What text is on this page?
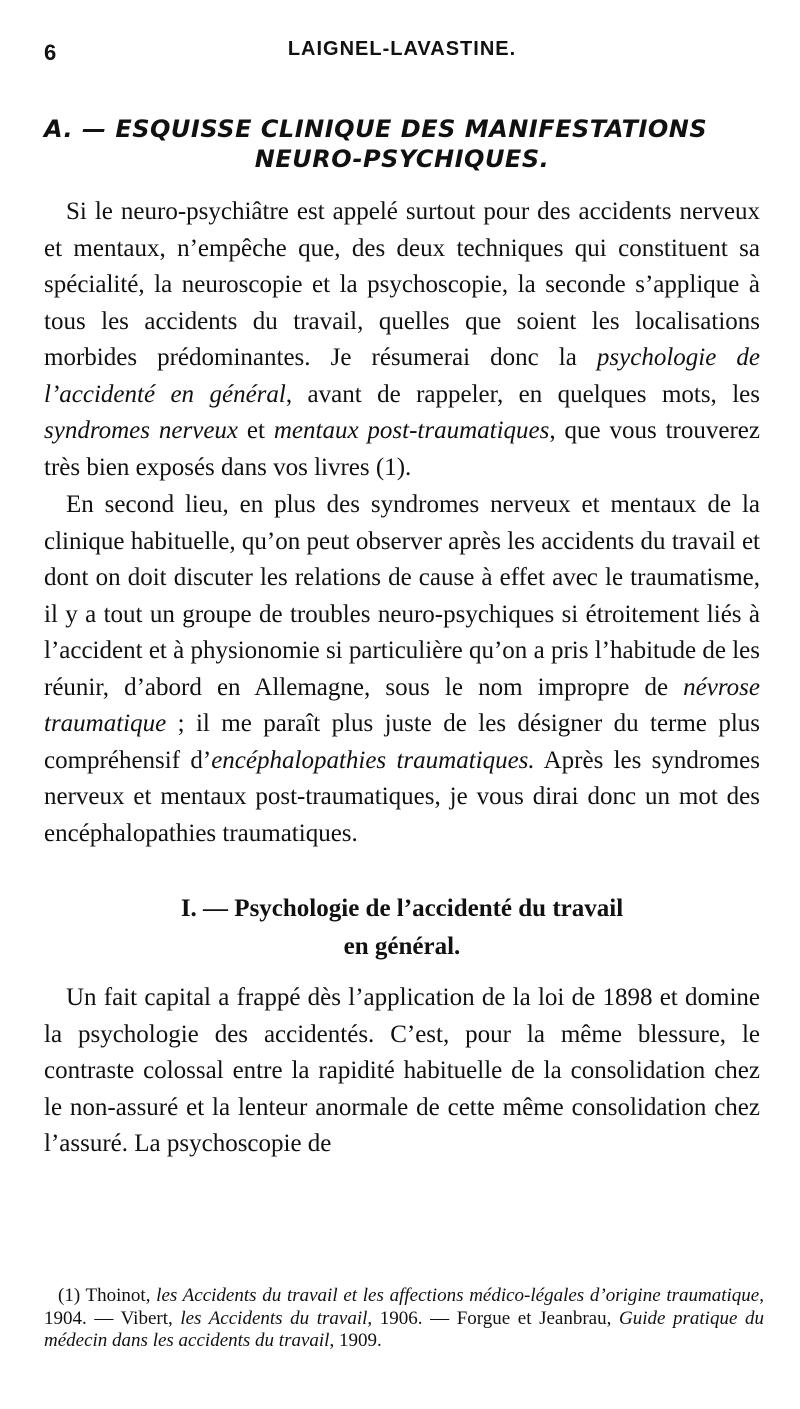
6	LAIGNEL-LAVASTINE.
A. — ESQUISSE CLINIQUE DES MANIFESTATIONS
NEURO-PSYCHIQUES.

Si le neuro-psychiâtre est appelé surtout pour des accidents nerveux et mentaux, n’empêche que, des deux techniques qui constituent sa spécialité, la neuroscopie et la psychoscopie, la seconde s’applique à tous les accidents du travail, quelles que soient les localisations morbides prédominantes. Je résumerai donc la psychologie de l’accidenté en général, avant de rappeler, en quelques mots, les syndromes nerveux et mentaux post-traumatiques, que vous trouverez très bien exposés dans vos livres (1).

En second lieu, en plus des syndromes nerveux et mentaux de la clinique habituelle, qu’on peut observer après les accidents du travail et dont on doit discuter les relations de cause à effet avec le traumatisme, il y a tout un groupe de troubles neuro-psychiques si étroitement liés à l’accident et à physionomie si particulière qu’on a pris l’habitude de les réunir, d’abord en Allemagne, sous le nom impropre de névrose traumatique ; il me paraît plus juste de les désigner du terme plus compréhensif d’encéphalopathies traumatiques. Après les syndromes nerveux et mentaux post-traumatiques, je vous dirai donc un mot des encéphalopathies traumatiques.

I. — Psychologie de l’accidenté du travail
en général.

Un fait capital a frappé dès l’application de la loi de 1898 et domine la psychologie des accidentés. C’est, pour la même blessure, le contraste colossal entre la rapidité habituelle de la consolidation chez le non-assuré et la lenteur anormale de cette même consolidation chez l’assuré. La psychoscopie de

(1) Thoinot, les Accidents du travail et les affections médico-légales d’origine traumatique, 1904. — Vibert, les Accidents du travail, 1906. — Forgue et Jeanbrau, Guide pratique du médecin dans les accidents du travail, 1909.
